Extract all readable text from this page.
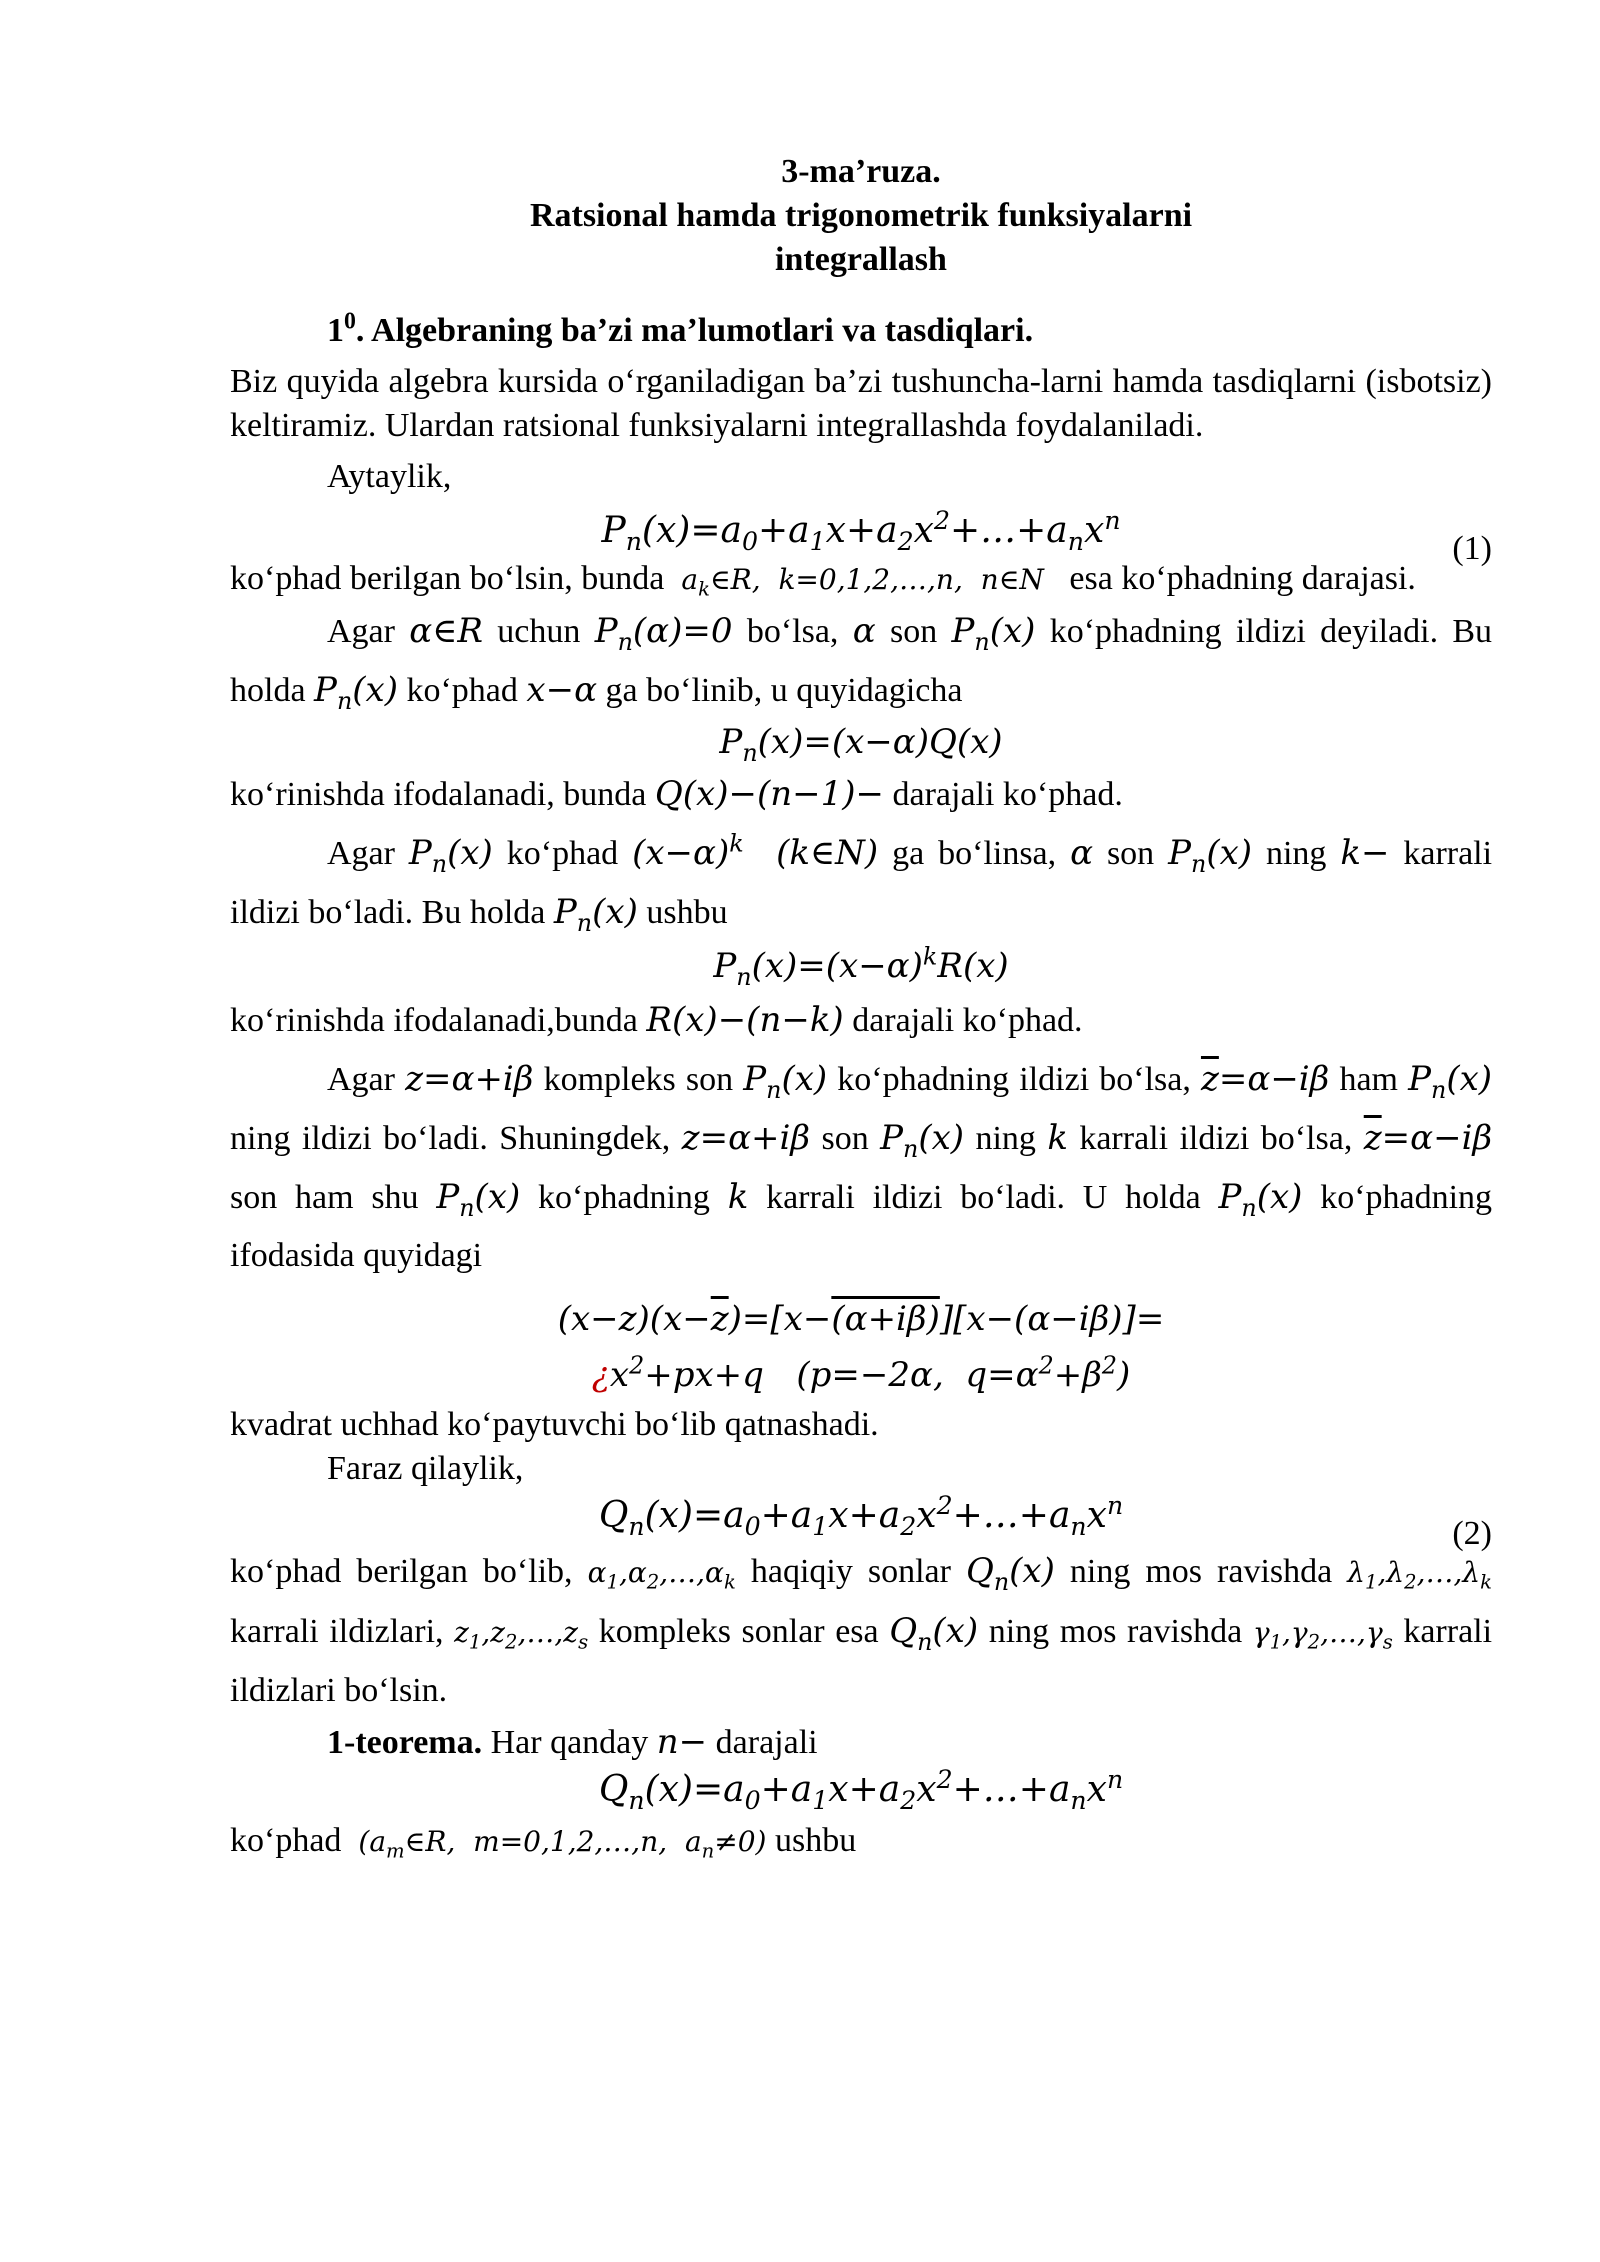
3-ma’ruza.
Ratsional hamda trigonometrik funksiyalarni
integrallash

$1^0$. Algebraning ba’zi ma’lumotlari va tasdiqlari.

Biz quyida algebra kursida o‘rganiladigan ba’zi tushuncha-larni hamda tasdiqlarni (isbotsiz) keltiramiz. Ulardan ratsional funksiyalarni integrallashda foydalaniladi.

Aytaylik,

$P_n(x)=a_0+a_1x+a_2x^2+\dots+a_nx^n$
(1)

ko‘phad berilgan bo‘lsin, bunda $a_k\in R$,  k=0,1,2,…,n,  n∈N esa ko‘phadning darajasi.

Agar α∈R uchun $P_n(\alpha)=0$ bo‘lsa, α son $P_n(x)$ ko‘phadning ildizi deyiladi. Bu holda $P_n(x)$ ko‘phad x−α ga bo‘linib, u quyidagicha

$P_n(x)=(x-\alpha)Q(x)$

ko‘rinishda ifodalanadi, bunda Q(x)−(n−1)− darajali ko‘phad.

Agar $P_n(x)$ ko‘phad $(x-\alpha)^k$  (k∈N) ga bo‘linsa, α son $P_n(x)$ ning k− karrali ildizi bo‘ladi. Bu holda $P_n(x)$ ushbu

$P_n(x)=(x-\alpha)^kR(x)$

ko‘rinishda ifodalanadi,bunda R(x)−(n−k) darajali ko‘phad.

Agar z=α+iβ kompleks son $P_n(x)$ ko‘phadning ildizi bo‘lsa, $\overline{z}=\alpha-i\beta$ ham $P_n(x)$ ning ildizi bo‘ladi. Shuningdek, z=α+iβ son $P_n(x)$ ning k karrali ildizi bo‘lsa, $\overline{z}=\alpha-i\beta$ son ham shu $P_n(x)$ ko‘phadning k karrali ildizi bo‘ladi. U holda $P_n(x)$ ko‘phadning ifodasida quyidagi

$(x-z)(x-\overline{z})=[x-(\alpha+i\beta)][x-(\alpha-i\beta)]=$
¿$x^2+px+q$   (p=−2α,  $q=\alpha^2+\beta^2$)

kvadrat uchhad ko‘paytuvchi bo‘lib qatnashadi.

Faraz qilaylik,

$Q_n(x)=a_0+a_1x+a_2x^2+\dots+a_nx^n$
(2)

ko‘phad berilgan bo‘lib, $\alpha_1,\alpha_2,\dots,\alpha_k$ haqiqiy sonlar $Q_n(x)$ ning mos ravishda $\lambda_1,\lambda_2,\dots,\lambda_k$ karrali ildizlari, $z_1,z_2,\dots,z_s$ kompleks sonlar esa $Q_n(x)$ ning mos ravishda $\gamma_1,\gamma_2,\dots,\gamma_s$ karrali ildizlari bo‘lsin.

1-teorema. Har qanday n− darajali

$Q_n(x)=a_0+a_1x+a_2x^2+\dots+a_nx^n$

ko‘phad ($a_m\in R$,  m=0,1,2,…,n,  $a_n\ne 0$) ushbu
